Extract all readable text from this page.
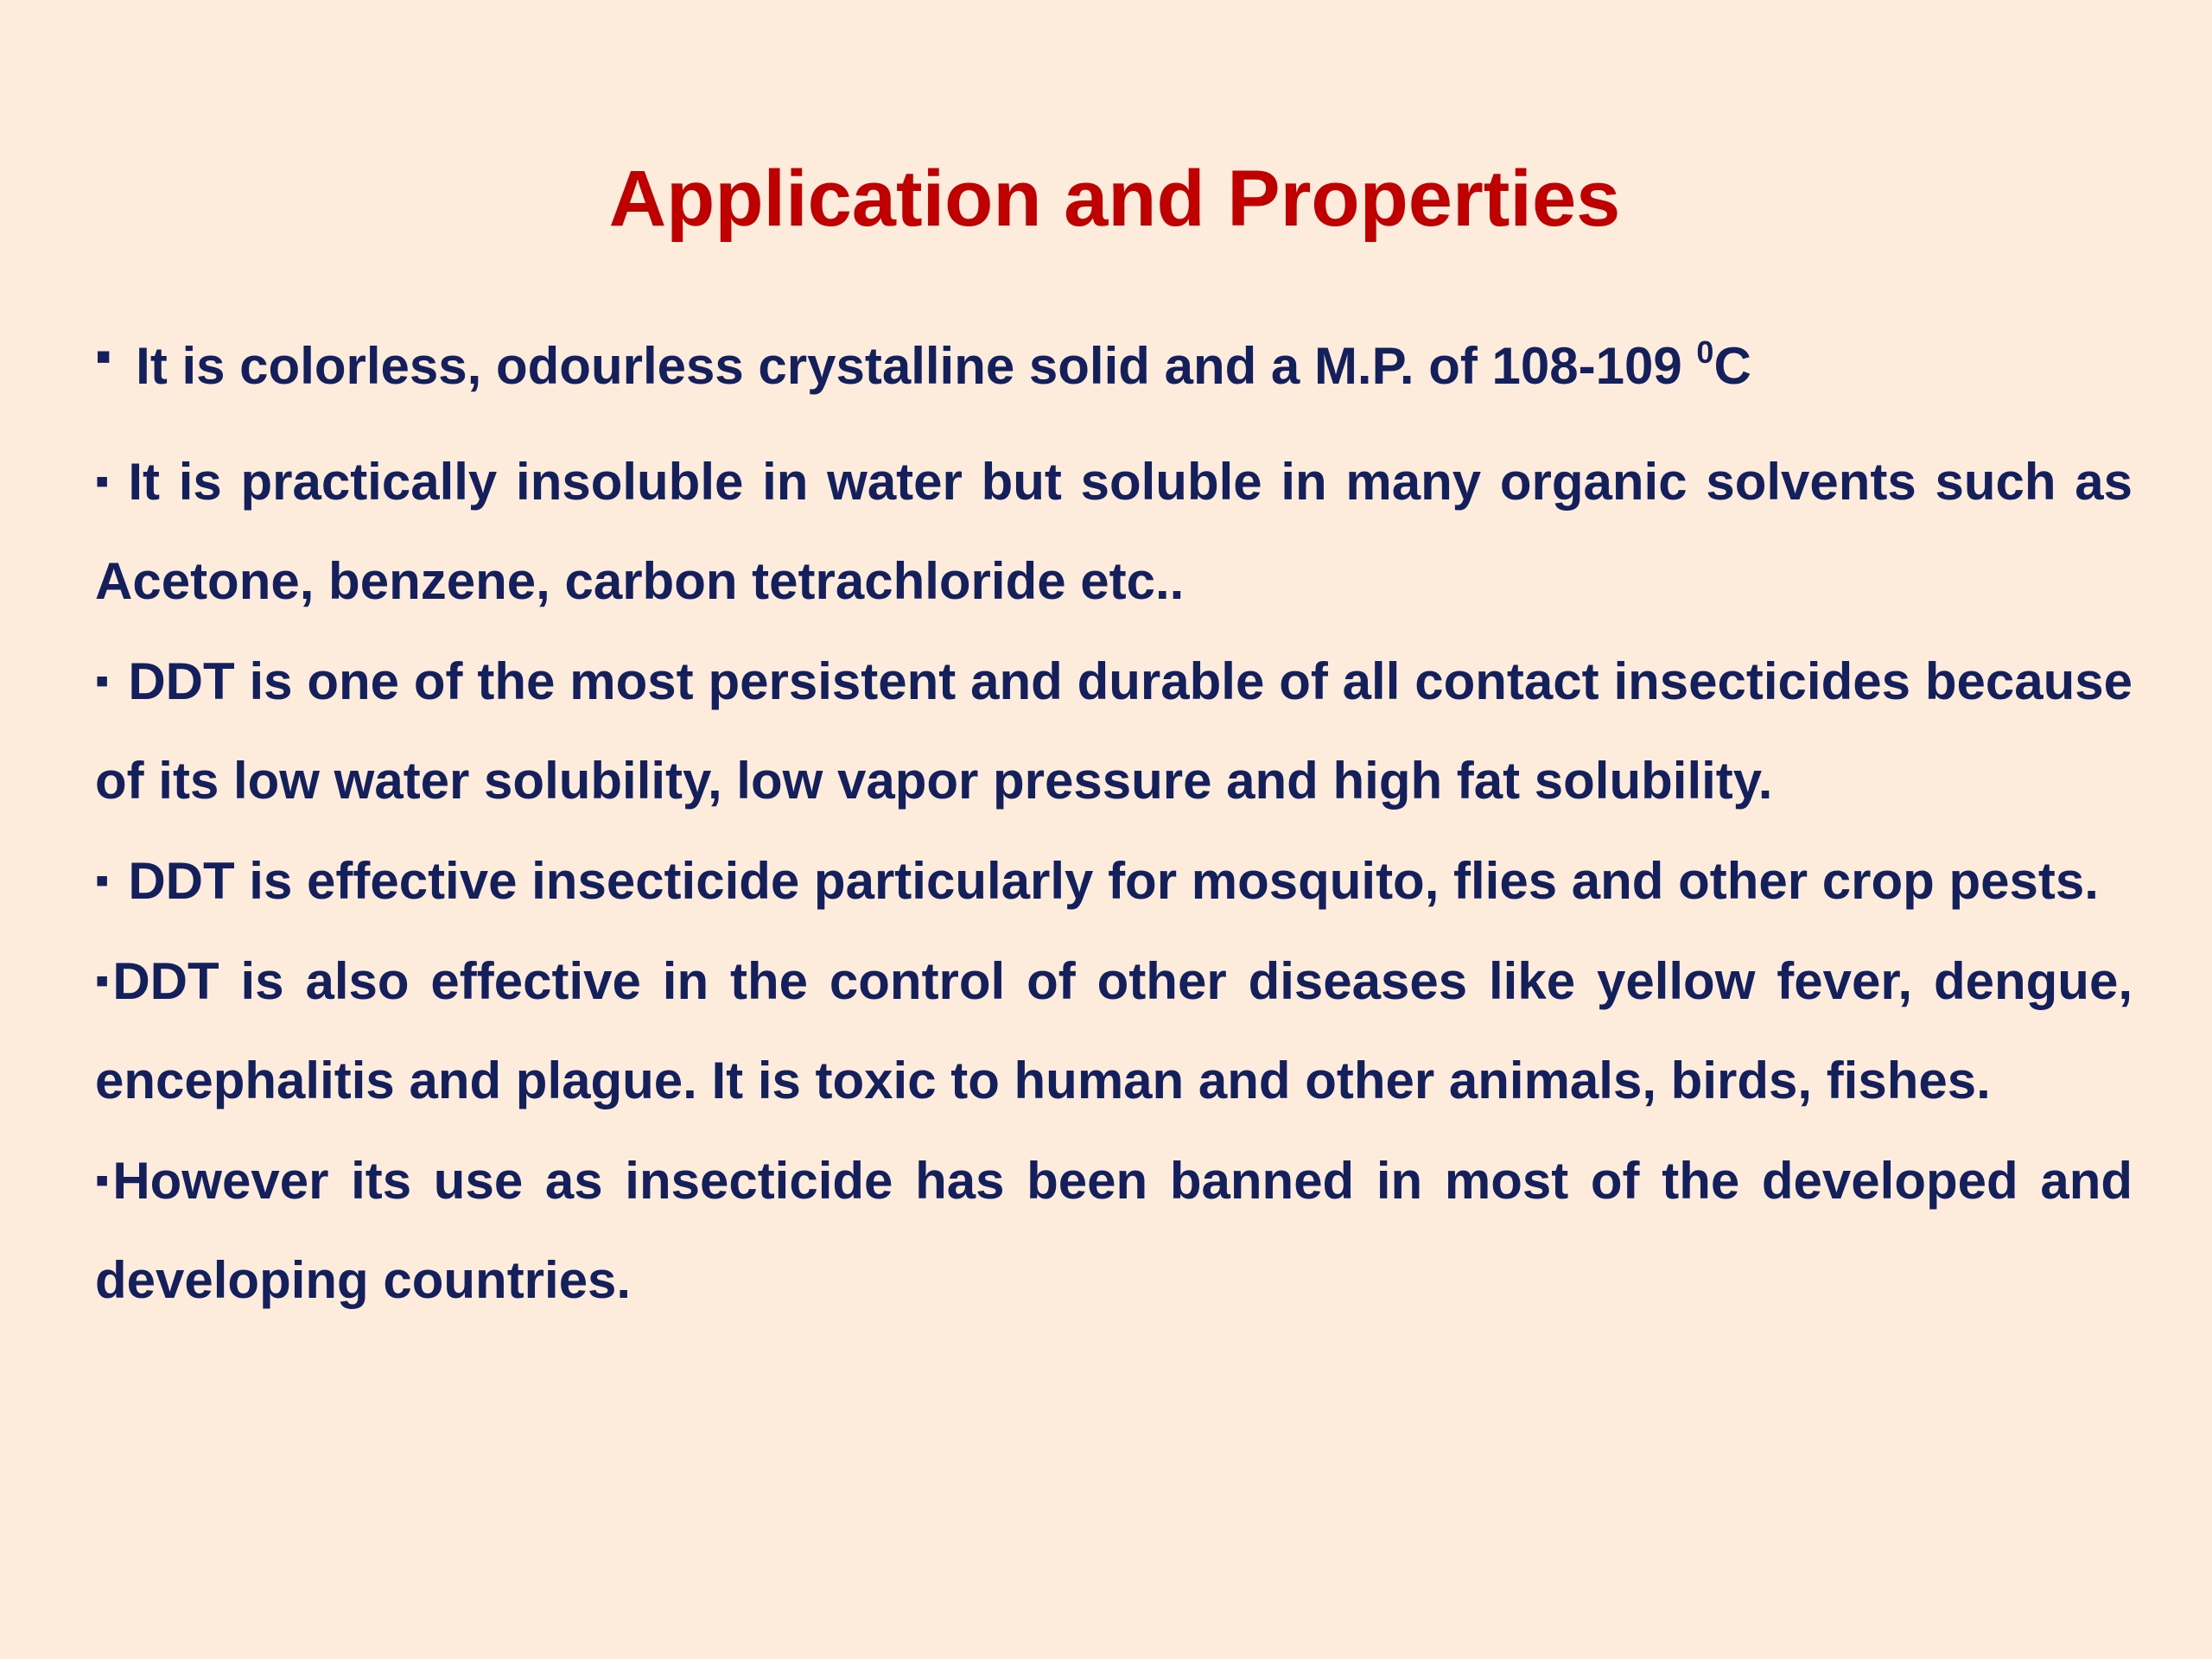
Application and Properties

▪ It is colorless, odourless crystalline solid and a M.P. of 108-109 $^0$C

▪ It is practically insoluble in water but soluble in many organic solvents such as Acetone, benzene, carbon tetrachloride etc..

▪ DDT is one of the most persistent and durable of all contact insecticides because of its low water solubility, low vapor pressure and high fat solubility.

▪ DDT is effective insecticide particularly for mosquito, flies and other crop pests.

▪DDT is also effective in the control of other diseases like yellow fever, dengue, encephalitis and plague. It is toxic to human and other animals, birds, fishes.

▪However its use as insecticide has been banned in most of the developed and developing countries.
